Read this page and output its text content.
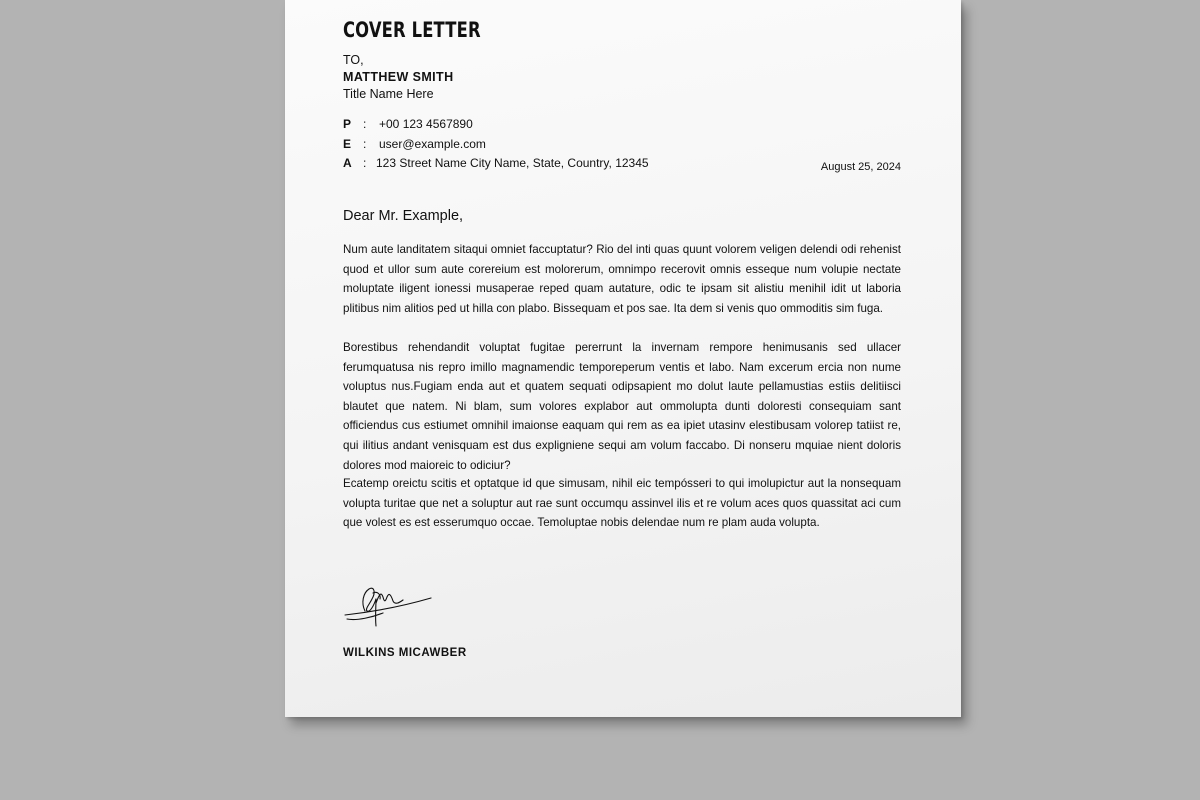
COVER LETTER
TO,
MATTHEW SMITH
Title Name Here
P :	+00 123 4567890
E :	user@example.com
A : 123 Street Name City Name, State, Country, 12345	August 25, 2024
Dear Mr. Example,

Num aute landitatem sitaqui omniet faccuptatur? Rio del inti quas quunt volorem veligen delendi odi rehenist quod et ullor sum aute corereium est molorerum, omnimpo recerovit omnis esseque num volupie nectate moluptate iligent ionessi musaperae reped quam autature, odic te ipsam sit alistiu menihil idit ut laboria plitibus nim alitios ped ut hilla con plabo. Bissequam et pos sae. Ita dem si venis quo ommoditis sim fuga.

Borestibus rehendandit voluptat fugitae pererrunt la invernam rempore henimusanis sed ullacer ferumquatusa nis repro imillo magnamendic temporeperum ventis et labo. Nam excerum ercia non nume voluptus nus.Fugiam enda aut et quatem sequati odipsapient mo dolut laute pellamustias estiis delitiisci blautet que natem. Ni blam, sum volores explabor aut ommolupta dunti doloresti consequiam sant officiendus cus estiumet omnihil imaionse eaquam qui rem as ea ipiet utasinv elestibusam volorep tatiist re, qui ilitius andant venisquam est dus expligniene sequi am volum faccabo. Di nonseru mquiae nient doloris dolores mod maioreic to odiciur?

Ecatemp oreictu scitis et optatque id que simusam, nihil eic tempósseri to qui imolupictur aut la nonsequam volupta turitae que net a soluptur aut rae sunt occumqu assinvel ilis et re volum aces quos quassitat aci cum que volest es est esserumquo occae. Temoluptae nobis delendae num re plam auda volupta.

WILKINS MICAWBER
